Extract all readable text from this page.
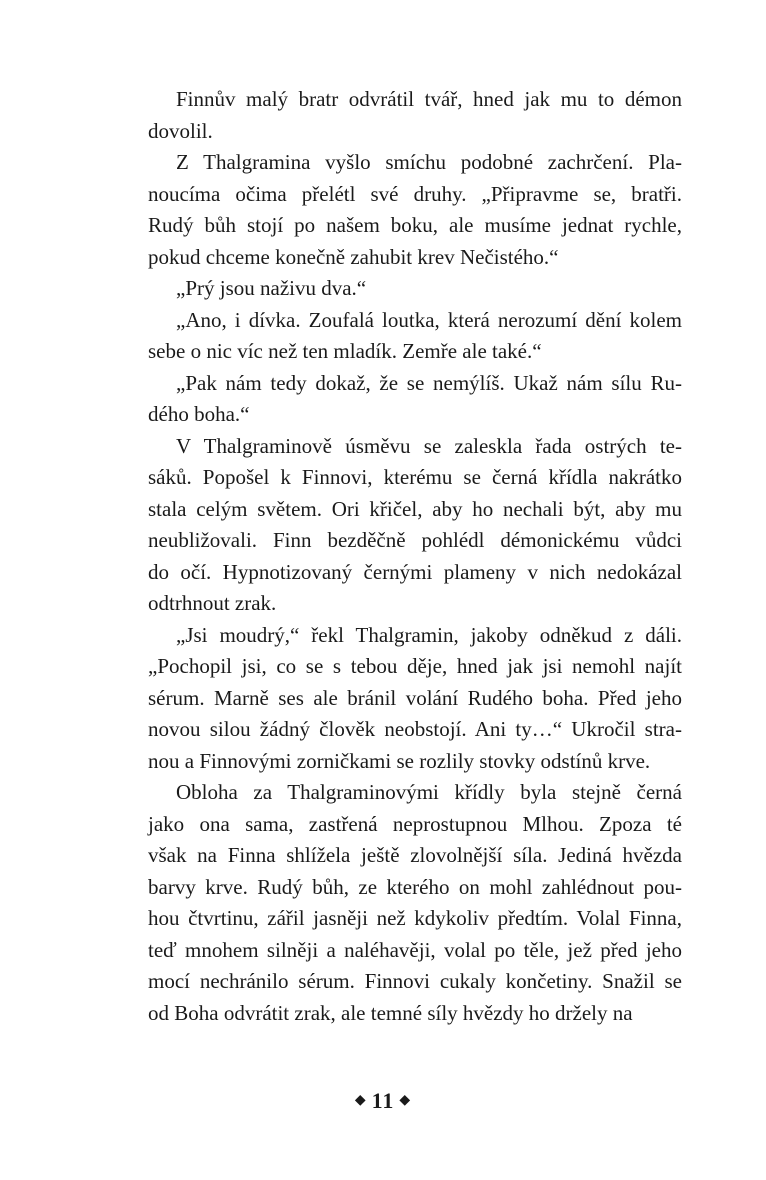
Finnův malý bratr odvrátil tvář, hned jak mu to démon
dovolil.
Z Thalgramina vyšlo smíchu podobné zachrčení. Pla-
noucíma očima přelétl své druhy. „Připravme se, bratři.
Rudý bůh stojí po našem boku, ale musíme jednat rychle,
pokud chceme konečně zahubit krev Nečistého.“
„Prý jsou naživu dva.“
„Ano, i dívka. Zoufalá loutka, která nerozumí dění kolem
sebe o nic víc než ten mladík. Zemře ale také.“
„Pak nám tedy dokaž, že se nemýlíš. Ukaž nám sílu Ru-
dého boha.“
V Thalgraminově úsměvu se zaleskla řada ostrých te-
sáků. Popošel k Finnovi, kterému se černá křídla nakrátko
stala celým světem. Ori křičel, aby ho nechali být, aby mu
neubližovali. Finn bezděčně pohlédl démonickému vůdci
do očí. Hypnotizovaný černými plameny v nich nedokázal
odtrhnout zrak.
„Jsi moudrý,“ řekl Thalgramin, jakoby odněkud z dáli.
„Pochopil jsi, co se s tebou děje, hned jak jsi nemohl najít
sérum. Marně ses ale bránil volání Rudého boha. Před jeho
novou silou žádný člověk neobstojí. Ani ty…“ Ukročil stra-
nou a Finnovými zorničkami se rozlily stovky odstínů krve.
Obloha za Thalgraminovými křídly byla stejně černá
jako ona sama, zastřená neprostupnou Mlhou. Zpoza té
však na Finna shlížela ještě zlovolnější síla. Jediná hvězda
barvy krve. Rudý bůh, ze kterého on mohl zahlédnout pou-
hou čtvrtinu, zářil jasněji než kdykoliv předtím. Volal Finna,
teď mnohem silněji a naléhavěji, volal po těle, jež před jeho
mocí nechránilo sérum. Finnovi cukaly končetiny. Snažil se
od Boha odvrátit zrak, ale temné síly hvězdy ho držely na
◆ 11 ◆
